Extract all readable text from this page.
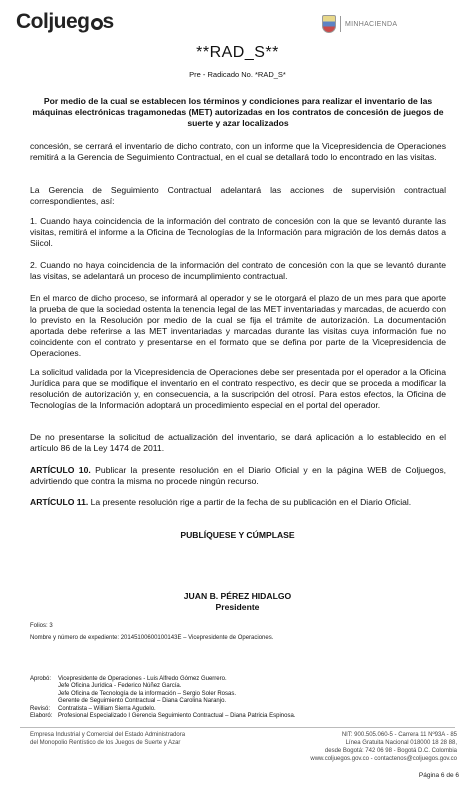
Coljueg s	MINHACIENDA
**RAD_S**
Pre - Radicado No. *RAD_S*
Por medio de la cual se establecen los términos y condiciones para realizar el inventario de las máquinas electrónicas tragamonedas (MET) autorizadas en los contratos de concesión de juegos de suerte y azar localizados

concesión, se cerrará el inventario de dicho contrato, con un informe que la Vicepresidencia de Operaciones remitirá a la Gerencia de Seguimiento Contractual, en el cual se detallará todo lo encontrado en las visitas.

La Gerencia de Seguimiento Contractual adelantará las acciones de supervisión contractual correspondientes, así:

1. Cuando haya coincidencia de la información del contrato de concesión con la que se levantó durante las visitas, remitirá el informe a la Oficina de Tecnologías de la Información para migración de los demás datos a Siicol.

2. Cuando no haya coincidencia de la información del contrato de concesión con la que se levantó durante las visitas, se adelantará un proceso de incumplimiento contractual.

En el marco de dicho proceso, se informará al operador y se le otorgará el plazo de un mes para que aporte la prueba de que la sociedad ostenta la tenencia legal de las MET inventariadas y marcadas, de acuerdo con lo previsto en la Resolución por medio de la cual se fija el trámite de autorización. La documentación aportada debe referirse a las MET inventariadas y marcadas durante las visitas cuya información fue no coincidente con el contrato y presentarse en el formato que se defina por parte de la Vicepresidencia de Operaciones.

La solicitud validada por la Vicepresidencia de Operaciones debe ser presentada por el operador a la Oficina Jurídica para que se modifique el inventario en el contrato respectivo, es decir que se proceda a modificar la resolución de autorización y, en consecuencia, a la suscripción del otrosí. Para estos efectos, la Oficina de Tecnologías de la Información adoptará un procedimiento especial en el portal del operador.

De no presentarse la solicitud de actualización del inventario, se dará aplicación a lo establecido en el artículo 86 de la Ley 1474 de 2011.

ARTÍCULO 10. Publicar la presente resolución en el Diario Oficial y en la página WEB de Coljuegos, advirtiendo que contra la misma no procede ningún recurso.

ARTÍCULO 11. La presente resolución rige a partir de la fecha de su publicación en el Diario Oficial.

PUBLÍQUESE Y CÚMPLASE
JUAN B. PÉREZ HIDALGO
Presidente
Folios: 3
Nombre y número de expediente: 20145100600100143E – Vicepresidente de Operaciones.
Aprobó: Vicepresidente de Operaciones - Luis Alfredo Gómez Guerrero.
Jefe Oficina Jurídica - Federico Núñez García.
Jefe Oficina de Tecnología de la información – Sergio Soler Rosas.
Gerente de Seguimiento Contractual – Diana Carolina Naranjo.
Revisó: Contratista – William Sierra Agudelo.
Elaboró: Profesional Especializado I Gerencia Seguimiento Contractual – Diana Patricia Espinosa.
Empresa Industrial y Comercial del Estado Administradora
del Monopolio Rentístico de los Juegos de Suerte y Azar
NIT: 900.505.060-5 - Carrera 11 Nº93A - 85
Línea Gratuita Nacional 018000 18 28 88,
desde Bogotá: 742 06 98 - Bogotá D.C. Colombia
www.coljuegos.gov.co - contactenos@coljuegos.gov.co
Página 6 de 6
